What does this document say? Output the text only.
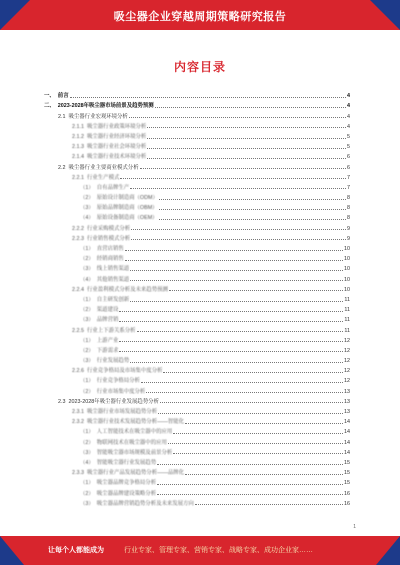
吸尘器企业穿越周期策略研究报告
内容目录
一、 前言	4
二、 2023-2028年吸尘器市场前景及趋势预测	4
2.1 吸尘器行业宏观环境分析	4
2.1.1 吸尘器行业政策环境分析	4
2.1.2 吸尘器行业经济环境分析	5
2.1.3 吸尘器行业社会环境分析	5
2.1.4 吸尘器行业技术环境分析	6
2.2 吸尘器行业主要商业模式分析	6
2.2.1 行业生产模式	7
（1） 自有品牌生产	7
（2） 原始设计制造商（ODM）	8
（3） 原始品牌制造商（OBM）	8
（4） 原始设备制造商（OEM）	8
2.2.2 行业采购模式分析	9
2.2.3 行业销售模式分析	9
（1） 直营店销售	10
（2） 经销商销售	10
（3） 线上销售渠道	10
（4） 其他销售渠道	10
2.2.4 行业盈利模式分析及未来趋势预测	10
（1） 自主研发创新	11
（2） 渠道建设	11
（3） 品牌营销	11
2.2.5 行业上下游关系分析	11
（1） 上游产业	12
（2） 下游需求	12
（3） 行业发展趋势	12
2.2.6 行业竞争格局及市场集中度分析	12
（1） 行业竞争格局分析	12
（2） 行业市场集中度分析	13
2.3 2023-2028年吸尘器行业发展趋势分析	13
2.3.1 吸尘器行业市场发展趋势分析	13
2.3.2 吸尘器行业技术发展趋势分析——智能化	14
（1） 人工智能技术在吸尘器中的应用	14
（2） 物联网技术在吸尘器中的应用	14
（3） 智能吸尘器市场规模及前景分析	14
（4） 智能吸尘器行业发展趋势	15
2.3.3 吸尘器行业产品发展趋势分析——品牌化	15
（1） 吸尘器品牌竞争格局分析	15
（2） 吸尘器品牌建设策略分析	16
（3） 吸尘器品牌营销趋势分析及未来发展方向	16
1
让每个人都能成为	行业专家、管理专家、营销专家、战略专家、成功企业家……
